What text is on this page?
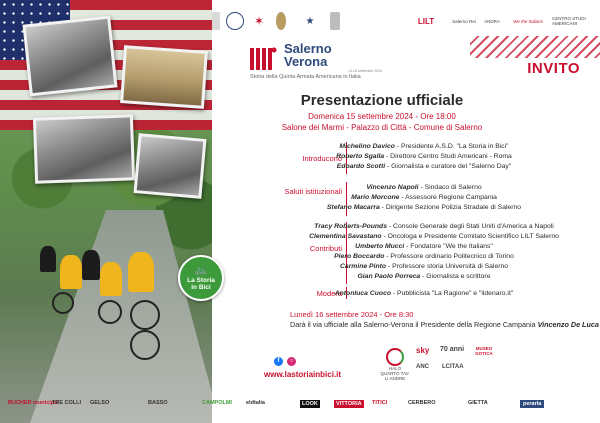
🚲
La Storia in Bici
✶	★	LILT	Salerno Rei	ANDRA	We the Italians	CENTRO STUDI AMERICANI
Salerno
Verona
14-18 settembre 2024
Storia della Quinta Armata Americana in Italia	INVITO
Presentazione ufficiale
Domenica 15 settembre 2024 - Ore 18:00
Salone dei Marmi - Palazzo di Città - Comune di Salerno
Introducono
Michelino Davico - Presidente A.S.D. "La Storia in Bici"
Roberto Sgalla - Direttore Centro Studi Americani - Roma
Edoardo Scotti - Giornalista e curatore del "Salerno Day"
Saluti istituzionali	Vincenzo Napoli - Sindaco di Salerno
Mario Morcone - Assessore Regione Campania
Stefano Macarra - Dirigente Sezione Polizia Stradale di Salerno
Contributi
Tracy Roberts-Pounds - Console Generale degli Stati Uniti d'America a Napoli
Clementina Savastano - Oncologa e Presidente Comitato Scientifico LILT Salerno
Umberto Mucci - Fondatore "We the Italians"
Piero Boccardo - Professore ordinario Politecnico di Torino
Carmine Pinto - Professore storia Università di Salerno
Gian Paolo Porreca - Giornalista e scrittore
Moderа
Antonluca Cuoco - Pubblicista "La Ragione" e "ildenaro.it"
Lunedì 16 settembre 2024 - Ore 8:30
Darà il via ufficiale alla Salerno-Verona il Presidente della Regione Campania Vincenzo De Luca
f	○
www.lastoriainbici.it
HALO QUARTO TAV. LI ANDRE
sky 70 anni	MUSEO GOTICA
ANC LCITAA
BUCHER municipal
TRE COLLI GELSO	BASSO	CAMPOLMI	eldtalia	LOOK	VITTORIA	TITICI	CERBERO	GIETTA	perarla
